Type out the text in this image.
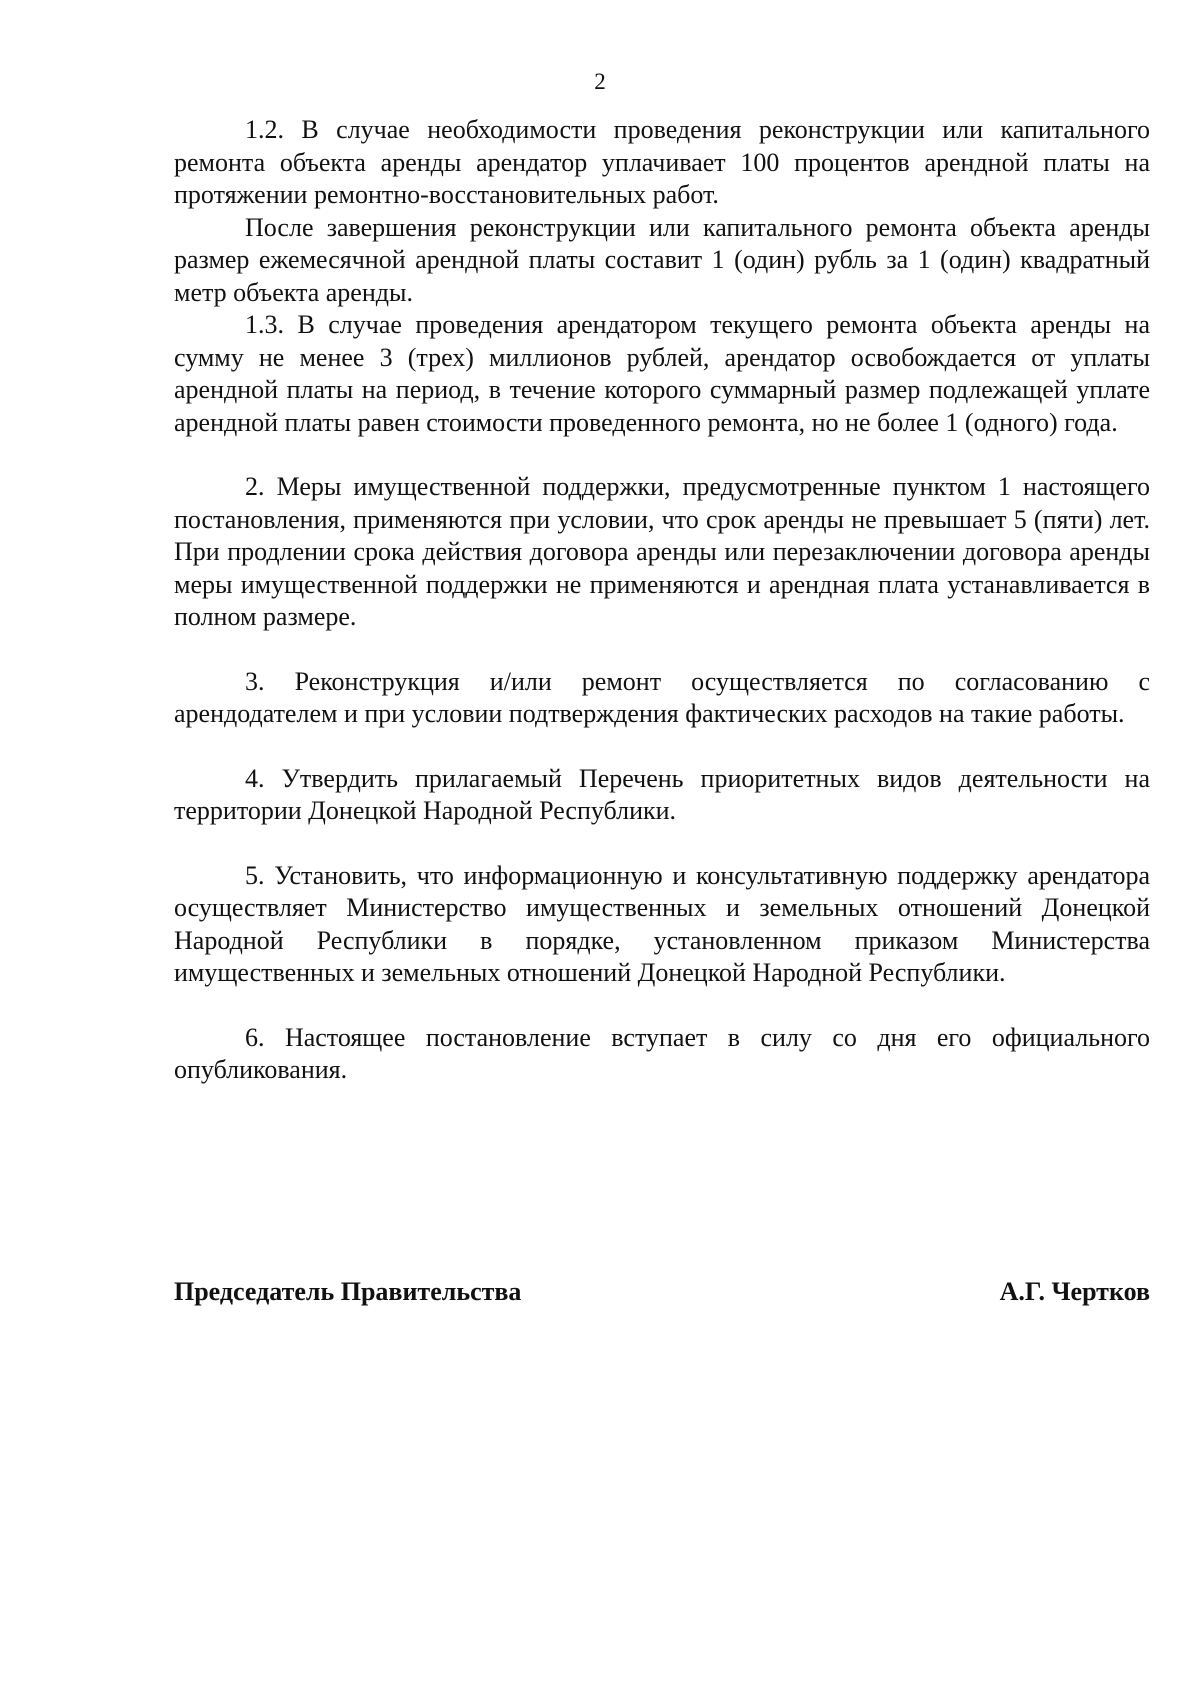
2

1.2. В случае необходимости проведения реконструкции или капитального ремонта объекта аренды арендатор уплачивает 100 процентов арендной платы на протяжении ремонтно-восстановительных работ.

После завершения реконструкции или капитального ремонта объекта аренды размер ежемесячной арендной платы составит 1 (один) рубль за 1 (один) квадратный метр объекта аренды.

1.3. В случае проведения арендатором текущего ремонта объекта аренды на сумму не менее 3 (трех) миллионов рублей, арендатор освобождается от уплаты арендной платы на период, в течение которого суммарный размер подлежащей уплате арендной платы равен стоимости проведенного ремонта, но не более 1 (одного) года.

2. Меры имущественной поддержки, предусмотренные пунктом 1 настоящего постановления, применяются при условии, что срок аренды не превышает 5 (пяти) лет. При продлении срока действия договора аренды или перезаключении договора аренды меры имущественной поддержки не применяются и арендная плата устанавливается в полном размере.

3. Реконструкция и/или ремонт осуществляется по согласованию с арендодателем и при условии подтверждения фактических расходов на такие работы.

4. Утвердить прилагаемый Перечень приоритетных видов деятельности на территории Донецкой Народной Республики.

5. Установить, что информационную и консультативную поддержку арендатора осуществляет Министерство имущественных и земельных отношений Донецкой Народной Республики в порядке, установленном приказом Министерства имущественных и земельных отношений Донецкой Народной Республики.

6. Настоящее постановление вступает в силу со дня его официального опубликования.

Председатель Правительства	А.Г. Чертков
